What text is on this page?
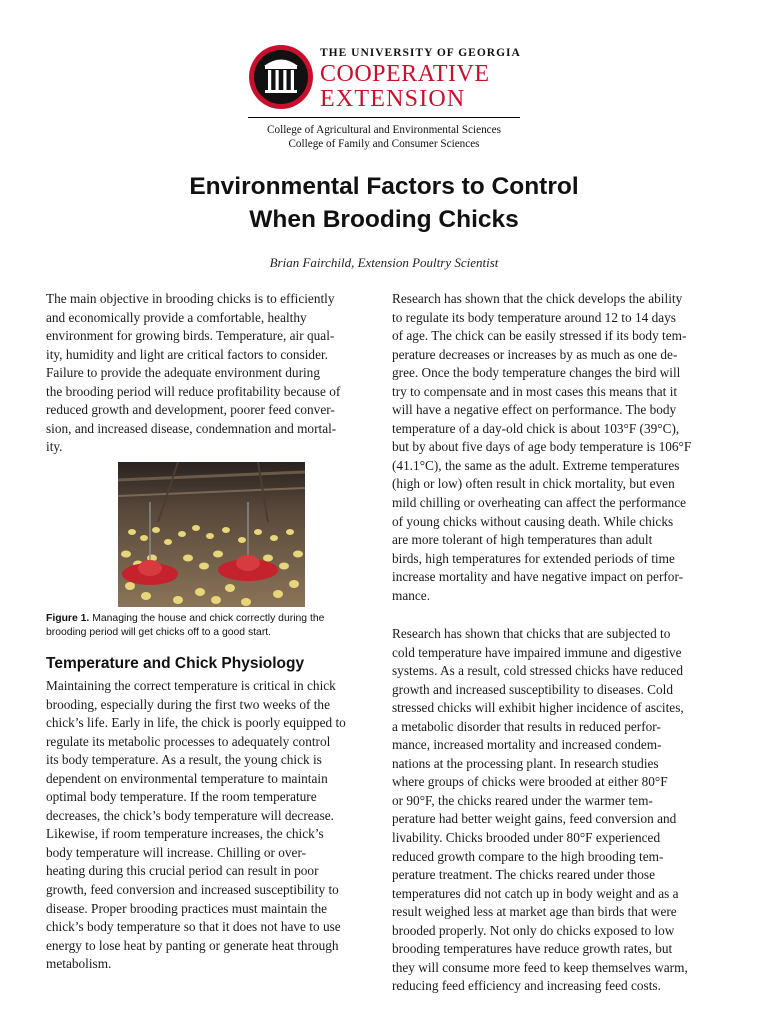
THE UNIVERSITY OF GEORGIA
COOPERATIVE
EXTENSION
College of Agricultural and Environmental Sciences
College of Family and Consumer Sciences
Environmental Factors to Control
When Brooding Chicks
Brian Fairchild, Extension Poultry Scientist
The main objective in brooding chicks is to efficiently
and economically provide a comfortable, healthy
environment for growing birds. Temperature, air qual-
ity, humidity and light are critical factors to consider.
Failure to provide the adequate environment during
the brooding period will reduce profitability because of
reduced growth and development, poorer feed conver-
sion, and increased disease, condemnation and mortal-
ity.
Figure 1. Managing the house and chick correctly during the
brooding period will get chicks off to a good start.
Temperature and Chick Physiology
Maintaining the correct temperature is critical in chick
brooding, especially during the first two weeks of the
chick’s life. Early in life, the chick is poorly equipped to
regulate its metabolic processes to adequately control
its body temperature. As a result, the young chick is
dependent on environmental temperature to maintain
optimal body temperature. If the room temperature
decreases, the chick’s body temperature will decrease.
Likewise, if room temperature increases, the chick’s
body temperature will increase. Chilling or over-
heating during this crucial period can result in poor
growth, feed conversion and increased susceptibility to
disease. Proper brooding practices must maintain the
chick’s body temperature so that it does not have to use
energy to lose heat by panting or generate heat through
metabolism.
Research has shown that the chick develops the ability
to regulate its body temperature around 12 to 14 days
of age. The chick can be easily stressed if its body tem-
perature decreases or increases by as much as one de-
gree. Once the body temperature changes the bird will
try to compensate and in most cases this means that it
will have a negative effect on performance. The body
temperature of a day-old chick is about 103°F (39°C),
but by about five days of age body temperature is 106°F
(41.1°C), the same as the adult. Extreme temperatures
(high or low) often result in chick mortality, but even
mild chilling or overheating can affect the performance
of young chicks without causing death. While chicks
are more tolerant of high temperatures than adult
birds, high temperatures for extended periods of time
increase mortality and have negative impact on perfor-
mance.
Research has shown that chicks that are subjected to
cold temperature have impaired immune and digestive
systems. As a result, cold stressed chicks have reduced
growth and increased susceptibility to diseases. Cold
stressed chicks will exhibit higher incidence of ascites,
a metabolic disorder that results in reduced perfor-
mance, increased mortality and increased condem-
nations at the processing plant. In research studies
where groups of chicks were brooded at either 80°F
or 90°F, the chicks reared under the warmer tem-
perature had better weight gains, feed conversion and
livability. Chicks brooded under 80°F experienced
reduced growth compare to the high brooding tem-
perature treatment. The chicks reared under those
temperatures did not catch up in body weight and as a
result weighed less at market age than birds that were
brooded properly. Not only do chicks exposed to low
brooding temperatures have reduce growth rates, but
they will consume more feed to keep themselves warm,
reducing feed efficiency and increasing feed costs.
